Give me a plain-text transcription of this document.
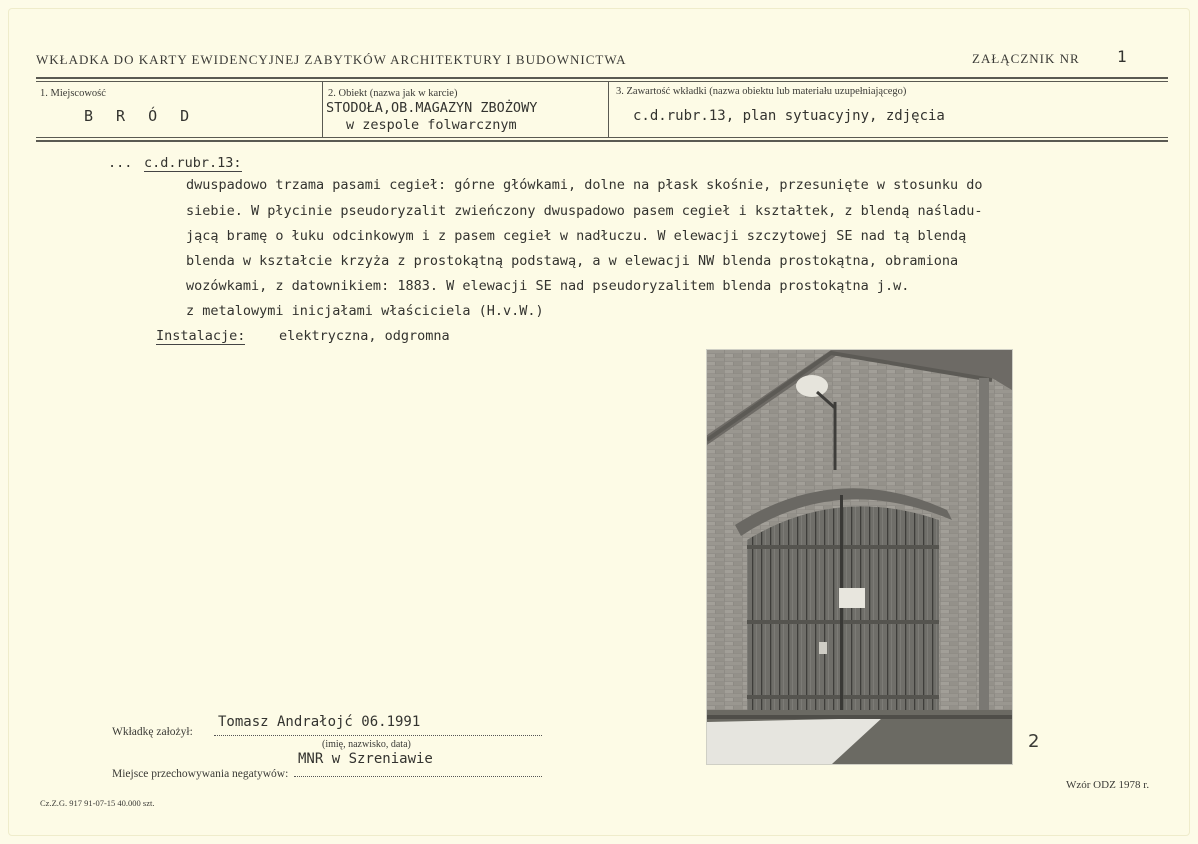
WKŁADKA DO KARTY EWIDENCYJNEJ ZABYTKÓW ARCHITEKTURY I BUDOWNICTWA	ZAŁĄCZNIK NR 1
1. Miejscowość
B R Ó D
2. Obiekt (nazwa jak w karcie)
STODOŁA,OB.MAGAZYN ZBOŻOWY
w zespole folwarcznym
3. Zawartość wkładki (nazwa obiektu lub materiału uzupełniającego)
c.d.rubr.13, plan sytuacyjny, zdjęcia
... c.d.rubr.13:
dwuspadowo trzama pasami cegieł: górne główkami, dolne na płask skośnie, przesunięte w stosunku do
siebie. W płycinie pseudoryzalit zwieńczony dwuspadowo pasem cegieł i kształtek, z blendą naśladu-
jącą bramę o łuku odcinkowym i z pasem cegieł w nadłuczu. W elewacji szczytowej SE nad tą blendą
blenda w kształcie krzyża z prostokątną podstawą, a w elewacji NW blenda prostokątna, obramiona
wozówkami, z datownikiem: 1883. W elewacji SE nad pseudoryzalitem blenda prostokątna j.w.
z metalowymi inicjałami właściciela (H.v.W.)
Instalacje: elektryczna, odgromna
2
Wkładkę założył:
Tomasz Andrałojć 06.1991
(imię, nazwisko, data)
MNR w Szreniawie
Miejsce przechowywania negatywów:
Cz.Z.G. 917 91-07-15 40.000 szt.
Wzór ODZ 1978 r.
